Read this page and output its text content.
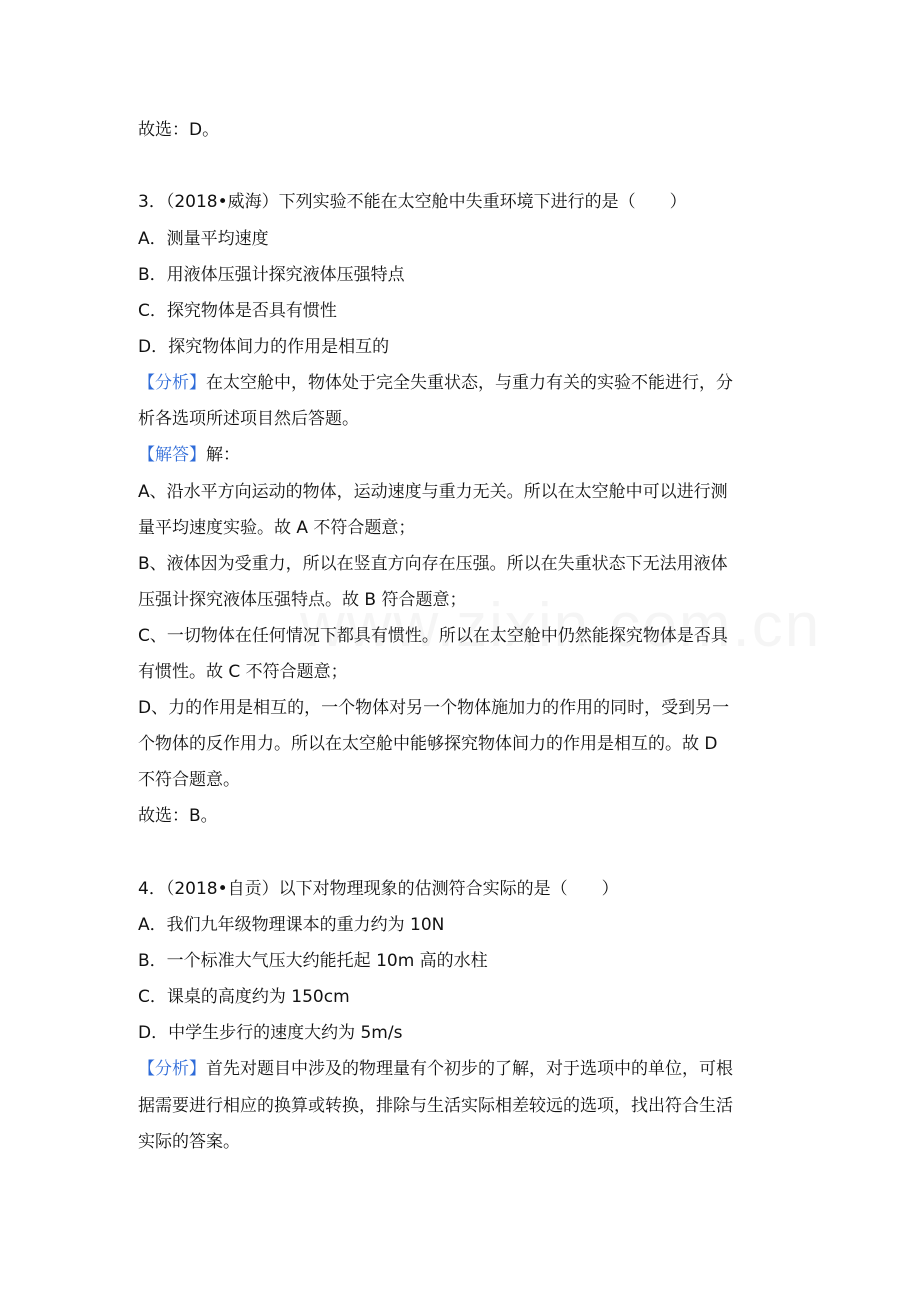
故选：D。
3．（2018•威海）下列实验不能在太空舱中失重环境下进行的是（　　）
A．测量平均速度
B．用液体压强计探究液体压强特点
C．探究物体是否具有惯性
D．探究物体间力的作用是相互的
【分析】在太空舱中，物体处于完全失重状态，与重力有关的实验不能进行，分
析各选项所述项目然后答题。
【解答】解：
A、沿水平方向运动的物体，运动速度与重力无关。所以在太空舱中可以进行测
量平均速度实验。故 A 不符合题意；
B、液体因为受重力，所以在竖直方向存在压强。所以在失重状态下无法用液体
压强计探究液体压强特点。故 B 符合题意；
C、一切物体在任何情况下都具有惯性。所以在太空舱中仍然能探究物体是否具
有惯性。故 C 不符合题意；
D、力的作用是相互的，一个物体对另一个物体施加力的作用的同时，受到另一
个物体的反作用力。所以在太空舱中能够探究物体间力的作用是相互的。故 D
不符合题意。
故选：B。
4．（2018•自贡）以下对物理现象的估测符合实际的是（　　）
A．我们九年级物理课本的重力约为 10N
B．一个标准大气压大约能托起 10m 高的水柱
C．课桌的高度约为 150cm
D．中学生步行的速度大约为 5m/s
【分析】首先对题目中涉及的物理量有个初步的了解，对于选项中的单位，可根
据需要进行相应的换算或转换，排除与生活实际相差较远的选项，找出符合生活
实际的答案。
